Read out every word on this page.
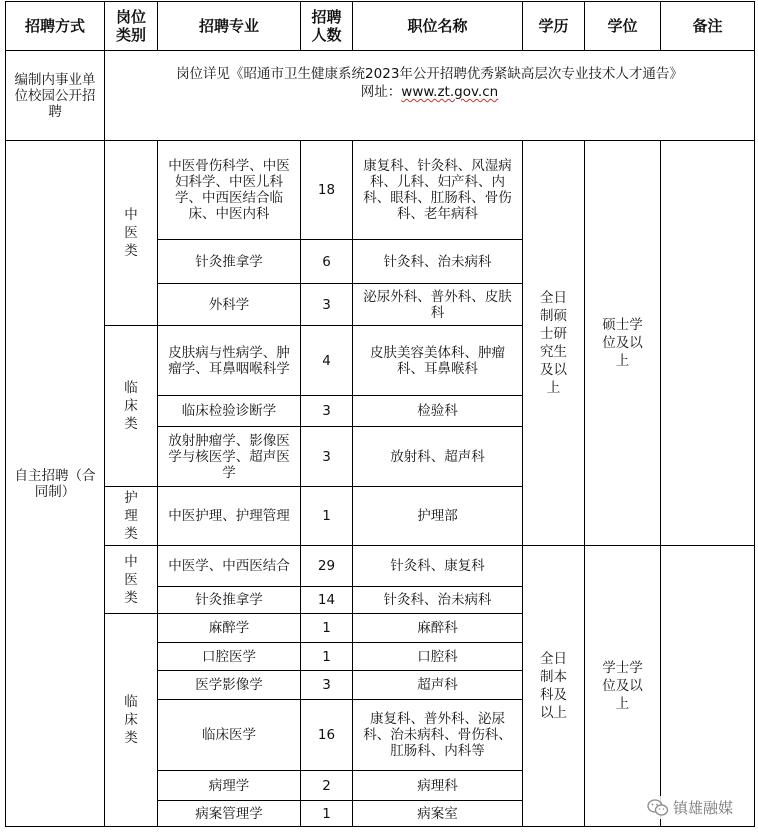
招聘方式	岗位类别	招聘专业	招聘人数	职位名称	学历	学位	备注
编制内事业单位校园公开招聘	岗位详见《昭通市卫生健康系统2023年公开招聘优秀紧缺高层次专业技术人才通告》
网址：www.zt.gov.cn						
自主招聘（合同制）	中医类	中医骨伤科学、中医妇科学、中医儿科学、中西医结合临床、中医内科	18	康复科、针灸科、风湿病科、儿科、妇产科、内科、眼科、肛肠科、骨伤科、老年病科	全日制硕士研究生及以上	硕士学位及以上	
		针灸推拿学	6	针灸科、治未病科			
		外科学	3	泌尿外科、普外科、皮肤科			
	临床类	皮肤病与性病学、肿瘤学、耳鼻咽喉科学	4	皮肤美容美体科、肿瘤科、耳鼻喉科			
		临床检验诊断学	3	检验科			
		放射肿瘤学、影像医学与核医学、超声医学	3	放射科、超声科			
	护理类	中医护理、护理管理	1	护理部			
	中医类	中医学、中西医结合	29	针灸科、康复科	全日制本科及以上	学士学位及以上	
		针灸推拿学	14	针灸科、治未病科			
	临床类	麻醉学	1	麻醉科			
		口腔医学	1	口腔科			
		医学影像学	3	超声科			
		临床医学	16	康复科、普外科、泌尿科、治未病科、骨伤科、肛肠科、内科等			
		病理学	2	病理科			
		病案管理学	1	病案室				镇雄融媒
